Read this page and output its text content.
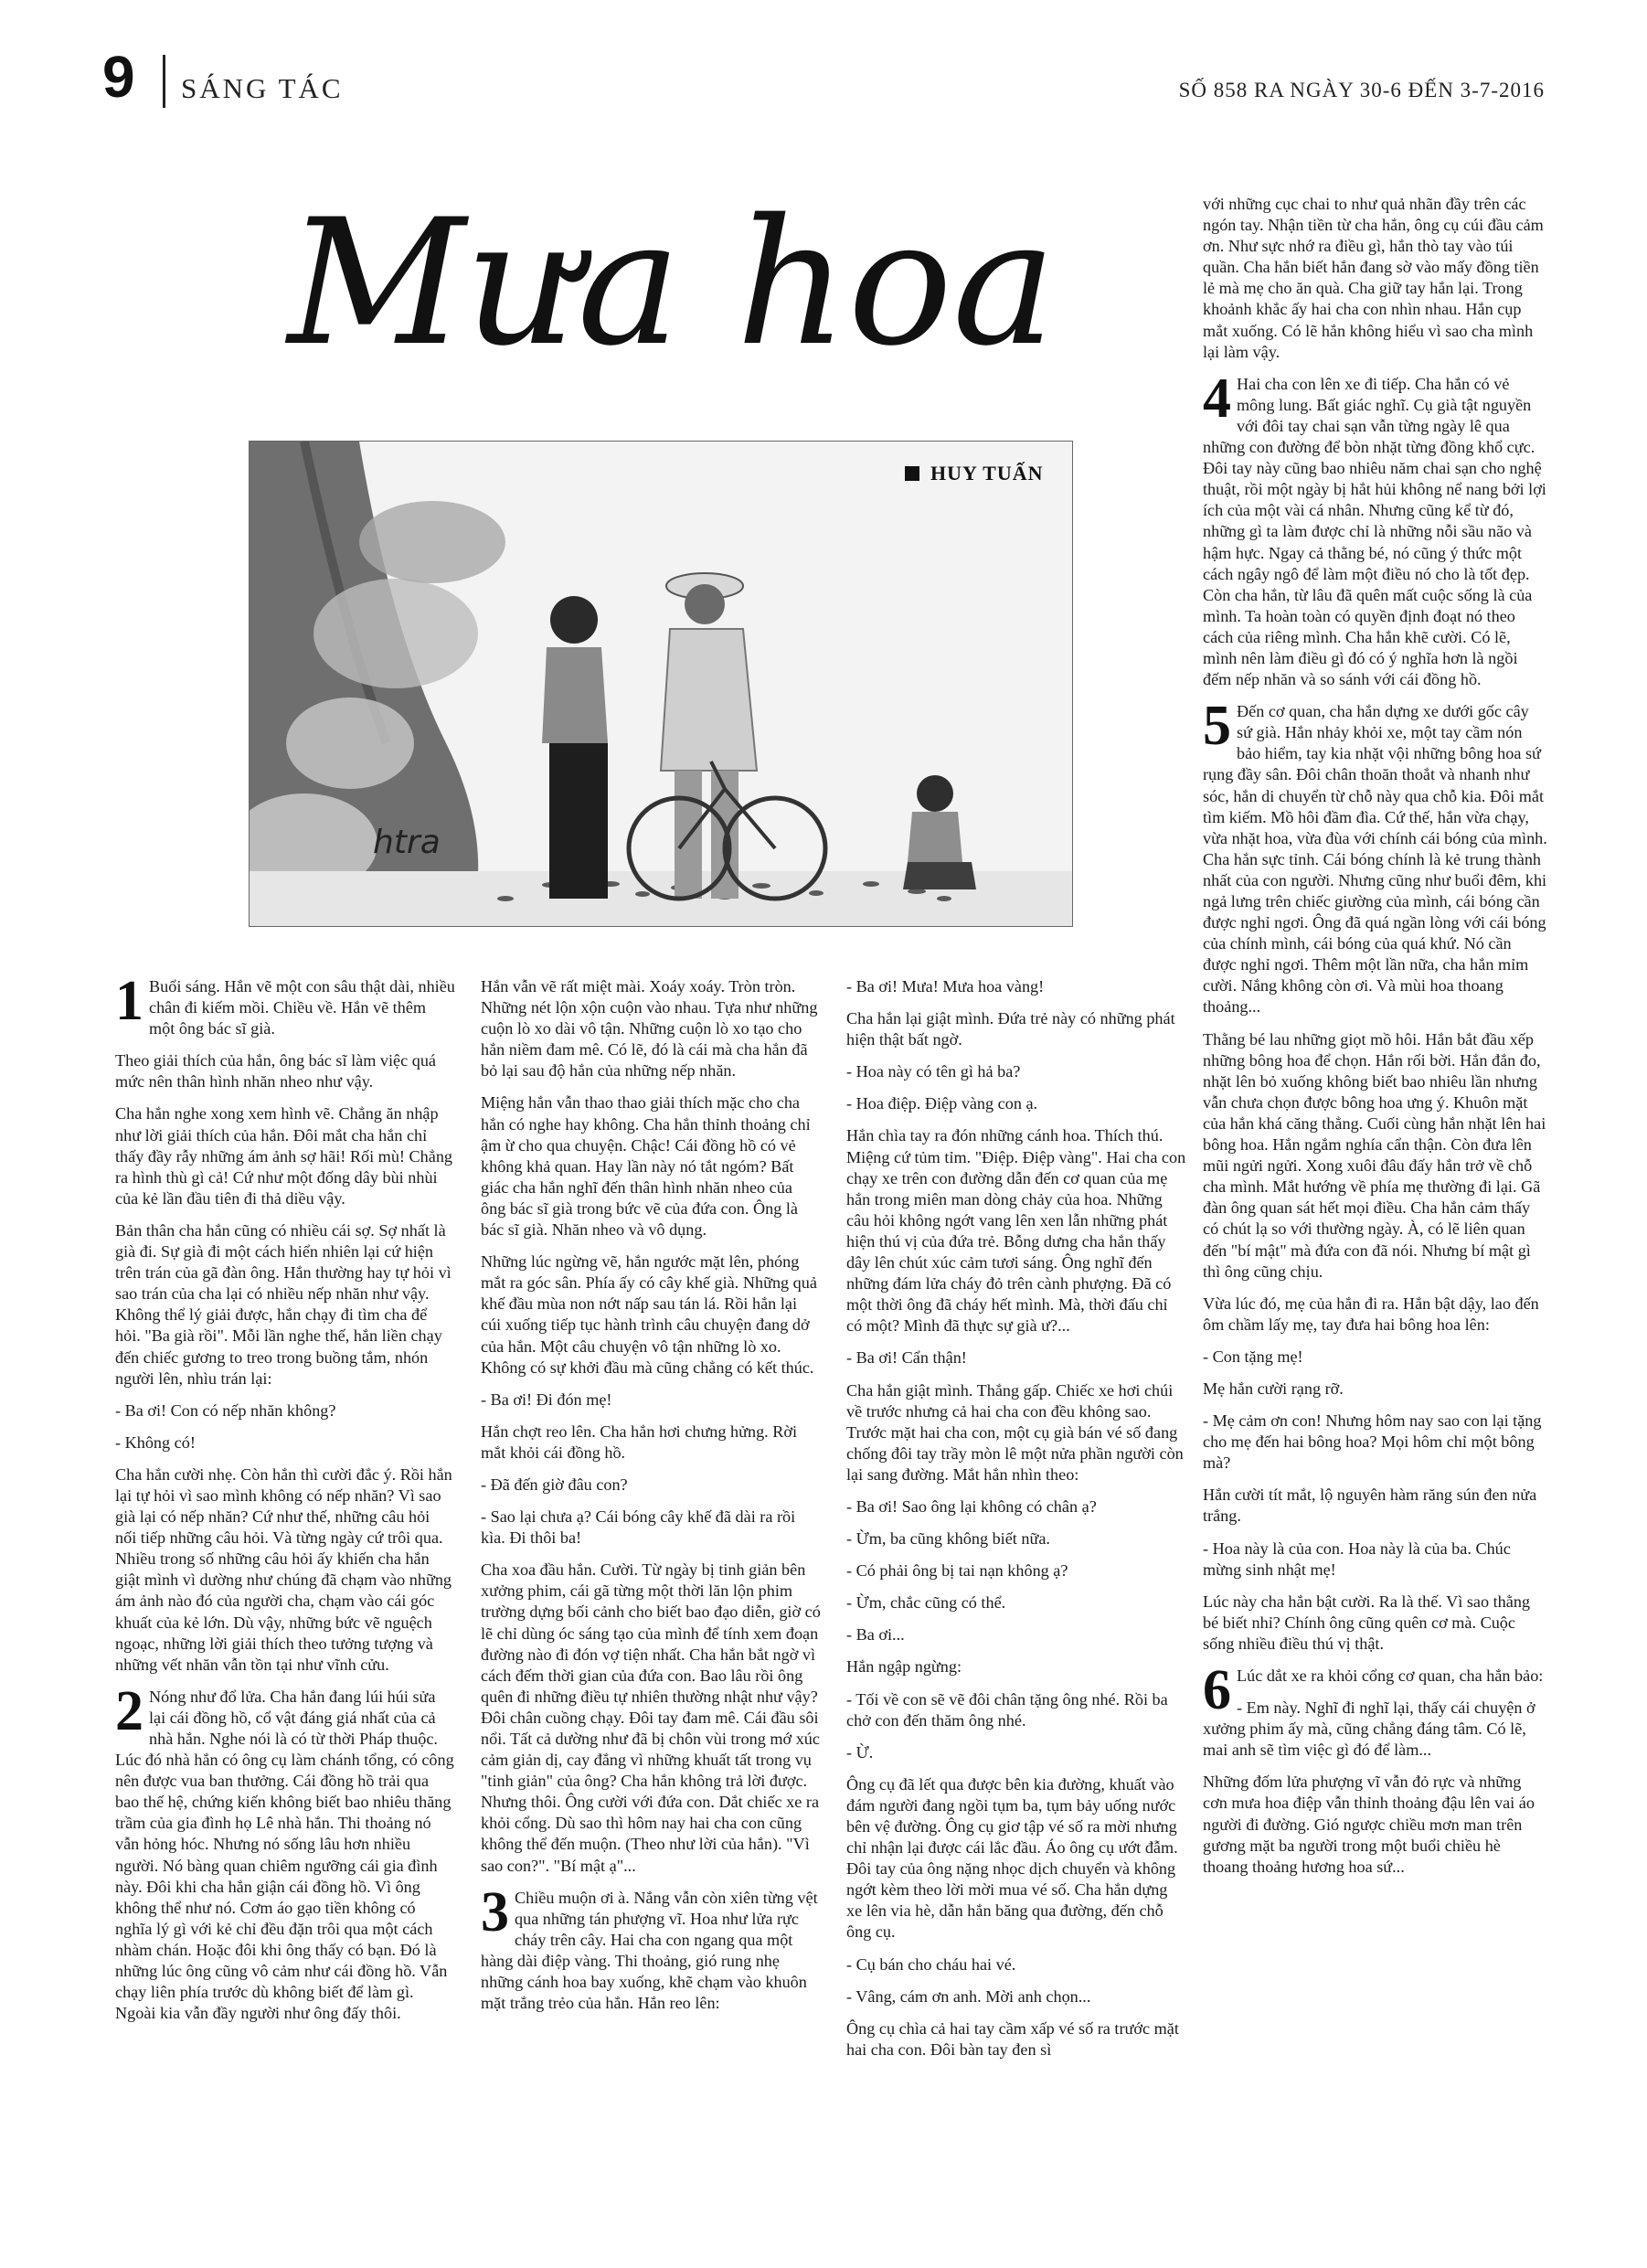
9 SÁNG TÁC	SỐ 858 RA NGÀY 30-6 ĐẾN 3-7-2016
Mưa hoa
htra
HUY TUẤN

1 Buổi sáng. Hắn vẽ một con sâu thật dài, nhiều chân đi kiếm mồi. Chiều về. Hắn vẽ thêm một ông bác sĩ già.

Theo giải thích của hắn, ông bác sĩ làm việc quá mức nên thân hình nhăn nheo như vậy.

Cha hắn nghe xong xem hình vẽ. Chẳng ăn nhập như lời giải thích của hắn. Đôi mắt cha hắn chỉ thấy đầy rẫy những ám ảnh sợ hãi! Rối mù! Chẳng ra hình thù gì cả! Cứ như một đống dây bùi nhùi của kẻ lần đầu tiên đi thả diều vậy.

Bản thân cha hắn cũng có nhiều cái sợ. Sợ nhất là già đi. Sự già đi một cách hiển nhiên lại cứ hiện trên trán của gã đàn ông. Hắn thường hay tự hỏi vì sao trán của cha lại có nhiều nếp nhăn như vậy. Không thể lý giải được, hắn chạy đi tìm cha để hỏi. "Ba già rồi". Mỗi lần nghe thế, hắn liền chạy đến chiếc gương to treo trong buồng tắm, nhón người lên, nhìu trán lại:

- Ba ơi! Con có nếp nhăn không?

- Không có!

Cha hắn cười nhẹ. Còn hắn thì cười đắc ý. Rồi hắn lại tự hỏi vì sao mình không có nếp nhăn? Vì sao già lại có nếp nhăn? Cứ như thế, những câu hỏi nối tiếp những câu hỏi. Và từng ngày cứ trôi qua. Nhiều trong số những câu hỏi ấy khiến cha hắn giật mình vì dường như chúng đã chạm vào những ám ảnh nào đó của người cha, chạm vào cái góc khuất của kẻ lớn. Dù vậy, những bức vẽ nguệch ngoạc, những lời giải thích theo tưởng tượng và những vết nhăn vẫn tồn tại như vĩnh cửu.

2 Nóng như đổ lửa. Cha hắn đang lúi húi sửa lại cái đồng hồ, cổ vật đáng giá nhất của cả nhà hắn. Nghe nói là có từ thời Pháp thuộc. Lúc đó nhà hắn có ông cụ làm chánh tổng, có công nên được vua ban thưởng. Cái đồng hồ trải qua bao thế hệ, chứng kiến không biết bao nhiêu thăng trầm của gia đình họ Lê nhà hắn. Thi thoảng nó vẫn hỏng hóc. Nhưng nó sống lâu hơn nhiều người. Nó bàng quan chiêm ngưỡng cái gia đình này. Đôi khi cha hắn giận cái đồng hồ. Vì ông không thể như nó. Cơm áo gạo tiền không có nghĩa lý gì với kẻ chỉ đều đặn trôi qua một cách nhàm chán. Hoặc đôi khi ông thấy có bạn. Đó là những lúc ông cũng vô cảm như cái đồng hồ. Vẫn chạy liên phía trước dù không biết để làm gì. Ngoài kia vẫn đầy người như ông đấy thôi.

Hắn vẫn vẽ rất miệt mài. Xoáy xoáy. Tròn tròn. Những nét lộn xộn cuộn vào nhau. Tựa như những cuộn lò xo dài vô tận. Những cuộn lò xo tạo cho hắn niềm đam mê. Có lẽ, đó là cái mà cha hắn đã bỏ lại sau độ hắn của những nếp nhăn.

Miệng hắn vẫn thao thao giải thích mặc cho cha hắn có nghe hay không. Cha hắn thỉnh thoảng chỉ ậm ừ cho qua chuyện. Chậc! Cái đồng hồ có vẻ không khả quan. Hay lần này nó tắt ngóm? Bất giác cha hắn nghĩ đến thân hình nhăn nheo của ông bác sĩ già trong bức vẽ của đứa con. Ông là bác sĩ già. Nhăn nheo và vô dụng.

Những lúc ngừng vẽ, hắn ngước mặt lên, phóng mắt ra góc sân. Phía ấy có cây khế già. Những quả khế đầu mùa non nớt nấp sau tán lá. Rồi hắn lại cúi xuống tiếp tục hành trình câu chuyện đang dở của hắn. Một câu chuyện vô tận những lò xo. Không có sự khởi đầu mà cũng chẳng có kết thúc.

- Ba ơi! Đi đón mẹ!

Hắn chợt reo lên. Cha hắn hơi chưng hửng. Rời mắt khỏi cái đồng hồ.

- Đã đến giờ đâu con?

- Sao lại chưa ạ? Cái bóng cây khế đã dài ra rồi kìa. Đi thôi ba!

Cha xoa đầu hắn. Cười. Từ ngày bị tinh giản bên xưởng phim, cái gã từng một thời lăn lộn phim trường dựng bối cảnh cho biết bao đạo diễn, giờ có lẽ chỉ dùng óc sáng tạo của mình để tính xem đoạn đường nào đi đón vợ tiện nhất. Cha hắn bắt ngờ vì cách đếm thời gian của đứa con. Bao lâu rồi ông quên đi những điều tự nhiên thường nhật như vậy? Đôi chân cuồng chạy. Đôi tay đam mê. Cái đầu sôi nổi. Tất cả dường như đã bị chôn vùi trong mớ xúc cảm giản dị, cay đắng vì những khuất tất trong vụ "tinh giản" của ông? Cha hắn không trả lời được. Nhưng thôi. Ông cười với đứa con. Dắt chiếc xe ra khỏi cổng. Dù sao thì hôm nay hai cha con cũng không thể đến muộn. (Theo như lời của hắn). "Vì sao con?". "Bí mật ạ"...

3 Chiều muộn ơi à. Nắng vẫn còn xiên từng vệt qua những tán phượng vĩ. Hoa như lửa rực cháy trên cây. Hai cha con ngang qua một hàng dài điệp vàng. Thi thoảng, gió rung nhẹ những cánh hoa bay xuống, khẽ chạm vào khuôn mặt trắng trẻo của hắn. Hắn reo lên:

- Ba ơi! Mưa! Mưa hoa vàng!

Cha hắn lại giật mình. Đứa trẻ này có những phát hiện thật bất ngờ.

- Hoa này có tên gì hả ba?

- Hoa điệp. Điệp vàng con ạ.

Hắn chìa tay ra đón những cánh hoa. Thích thú. Miệng cứ tủm tỉm. "Điệp. Điệp vàng". Hai cha con chạy xe trên con đường dẫn đến cơ quan của mẹ hắn trong miên man dòng chảy của hoa. Những câu hỏi không ngớt vang lên xen lẫn những phát hiện thú vị của đứa trẻ. Bỗng dưng cha hắn thấy dây lên chút xúc cảm tươi sáng. Ông nghĩ đến những đám lửa cháy đỏ trên cành phượng. Đã có một thời ông đã cháy hết mình. Mà, thời đấu chỉ có một? Mình đã thực sự già ư?...

- Ba ơi! Cẩn thận!

Cha hắn giật mình. Thắng gấp. Chiếc xe hơi chúi về trước nhưng cả hai cha con đều không sao. Trước mặt hai cha con, một cụ già bán vé số đang chống đôi tay trầy mòn lê một nửa phần người còn lại sang đường. Mắt hắn nhìn theo:

- Ba ơi! Sao ông lại không có chân ạ?

- Ừm, ba cũng không biết nữa.

- Có phải ông bị tai nạn không ạ?

- Ừm, chắc cũng có thể.

- Ba ơi...

Hắn ngập ngừng:

- Tối về con sẽ vẽ đôi chân tặng ông nhé. Rồi ba chở con đến thăm ông nhé.

- Ừ.

Ông cụ đã lết qua được bên kia đường, khuất vào đám người đang ngồi tụm ba, tụm bảy uống nước bên vệ đường. Ông cụ giơ tập vé số ra mời nhưng chỉ nhận lại được cái lắc đầu. Áo ông cụ ướt đẫm. Đôi tay của ông nặng nhọc dịch chuyển và không ngớt kèm theo lời mời mua vé số. Cha hắn dựng xe lên via hè, dẫn hắn băng qua đường, đến chỗ ông cụ.

- Cụ bán cho cháu hai vé.

- Vâng, cám ơn anh. Mời anh chọn...

Ông cụ chìa cả hai tay cầm xấp vé số ra trước mặt hai cha con. Đôi bàn tay đen sì

với những cục chai to như quả nhãn đầy trên các ngón tay. Nhận tiền từ cha hắn, ông cụ cúi đầu cảm ơn. Như sực nhớ ra điều gì, hắn thò tay vào túi quần. Cha hắn biết hắn đang sờ vào mấy đồng tiền lẻ mà mẹ cho ăn quà. Cha giữ tay hắn lại. Trong khoảnh khắc ấy hai cha con nhìn nhau. Hắn cụp mắt xuống. Có lẽ hắn không hiểu vì sao cha mình lại làm vậy.

4 Hai cha con lên xe đi tiếp. Cha hắn có vẻ mông lung. Bất giác nghĩ. Cụ già tật nguyền với đôi tay chai sạn vẫn từng ngày lê qua những con đường để bòn nhặt từng đồng khổ cực. Đôi tay này cũng bao nhiêu năm chai sạn cho nghệ thuật, rồi một ngày bị hắt hủi không nể nang bởi lợi ích của một vài cá nhân. Nhưng cũng kể từ đó, những gì ta làm được chỉ là những nỗi sầu não và hậm hực. Ngay cả thằng bé, nó cũng ý thức một cách ngây ngô để làm một điều nó cho là tốt đẹp. Còn cha hắn, từ lâu đã quên mất cuộc sống là của mình. Ta hoàn toàn có quyền định đoạt nó theo cách của riêng mình. Cha hắn khẽ cười. Có lẽ, mình nên làm điều gì đó có ý nghĩa hơn là ngồi đếm nếp nhăn và so sánh với cái đồng hồ.

5 Đến cơ quan, cha hắn dựng xe dưới gốc cây sứ già. Hắn nhảy khỏi xe, một tay cầm nón bảo hiểm, tay kia nhặt vội những bông hoa sứ rụng đầy sân. Đôi chân thoăn thoắt và nhanh như sóc, hắn di chuyển từ chỗ này qua chỗ kia. Đôi mắt tìm kiếm. Mồ hôi đầm đìa. Cứ thế, hắn vừa chạy, vừa nhặt hoa, vừa đùa với chính cái bóng của mình. Cha hắn sực tỉnh. Cái bóng chính là kẻ trung thành nhất của con người. Nhưng cũng như buổi đêm, khi ngả lưng trên chiếc giường của mình, cái bóng cần được nghỉ ngơi. Ông đã quá ngần lòng với cái bóng của chính mình, cái bóng của quá khứ. Nó cần được nghỉ ngơi. Thêm một lần nữa, cha hắn mỉm cười. Nắng không còn ơi. Và mùi hoa thoang thoảng...

Thằng bé lau những giọt mồ hôi. Hắn bắt đầu xếp những bông hoa để chọn. Hắn rối bời. Hắn đắn đo, nhặt lên bỏ xuống không biết bao nhiêu lần nhưng vẫn chưa chọn được bông hoa ưng ý. Khuôn mặt của hắn khá căng thẳng. Cuối cùng hắn nhặt lên hai bông hoa. Hắn ngắm nghía cẩn thận. Còn đưa lên mũi ngửi ngửi. Xong xuôi đâu đấy hắn trở về chỗ cha mình. Mắt hướng về phía mẹ thường đi lại. Gã đàn ông quan sát hết mọi điều. Cha hắn cảm thấy có chút lạ so với thường ngày. À, có lẽ liên quan đến "bí mật" mà đứa con đã nói. Nhưng bí mật gì thì ông cũng chịu.

Vừa lúc đó, mẹ của hắn đi ra. Hắn bật dậy, lao đến ôm chầm lấy mẹ, tay đưa hai bông hoa lên:

- Con tặng mẹ!

Mẹ hắn cười rạng rỡ.

- Mẹ cảm ơn con! Nhưng hôm nay sao con lại tặng cho mẹ đến hai bông hoa? Mọi hôm chỉ một bông mà?

Hắn cười tít mắt, lộ nguyên hàm răng sún đen nửa trắng.

- Hoa này là của con. Hoa này là của ba. Chúc mừng sinh nhật mẹ!

Lúc này cha hắn bật cười. Ra là thế. Vì sao thằng bé biết nhỉ? Chính ông cũng quên cơ mà. Cuộc sống nhiều điều thú vị thật.

6 Lúc dắt xe ra khỏi cổng cơ quan, cha hắn bảo:

- Em này. Nghĩ đi nghĩ lại, thấy cái chuyện ở xưởng phim ấy mà, cũng chẳng đáng tâm. Có lẽ, mai anh sẽ tìm việc gì đó để làm...

Những đốm lửa phượng vĩ vẫn đỏ rực và những cơn mưa hoa điệp vẫn thỉnh thoảng đậu lên vai áo người đi đường. Gió ngược chiều mơn man trên gương mặt ba người trong một buổi chiều hè thoang thoảng hương hoa sứ...
